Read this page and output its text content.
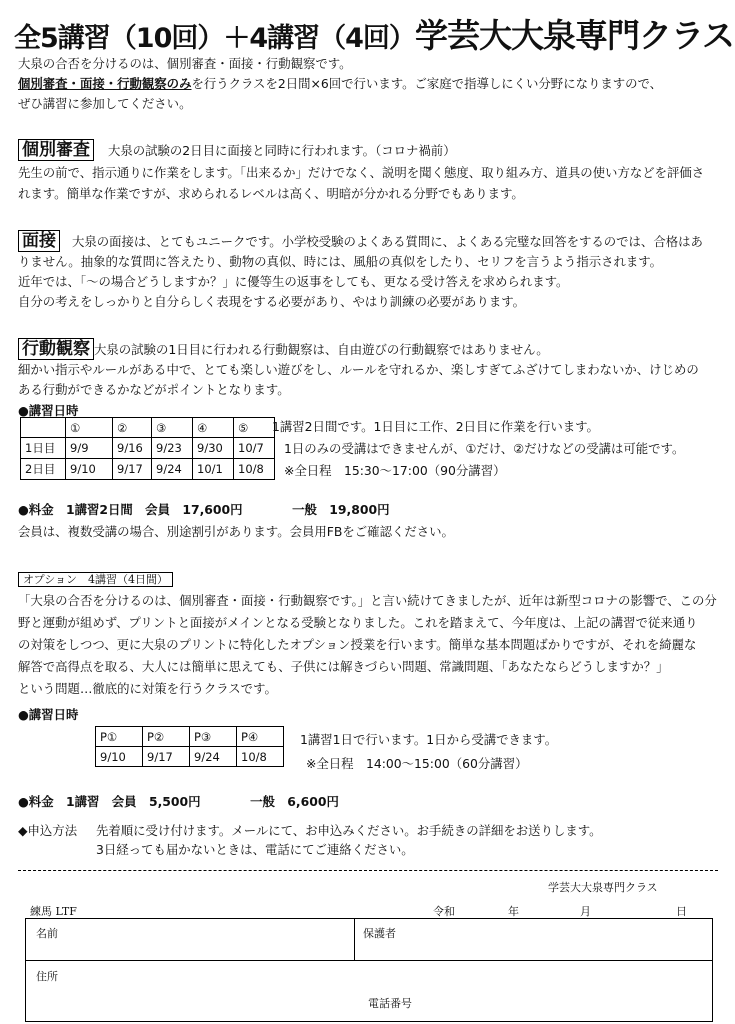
全5講習（10回）＋4講習（4回）学芸大大泉専門クラス
大泉の合否を分けるのは、個別審査・面接・行動観察です。
個別審査・面接・行動観察のみを行うクラスを2日間×6回で行います。ご家庭で指導しにくい分野になりますので、
ぜひ講習に参加してください。
個別審査 大泉の試験の2日目に面接と同時に行われます。（コロナ禍前）
先生の前で、指示通りに作業をします。「出来るか」だけでなく、説明を聞く態度、取り組み方、道具の使い方などを評価さ
れます。簡単な作業ですが、求められるレベルは高く、明暗が分かれる分野でもあります。
面接 大泉の面接は、とてもユニークです。小学校受験のよくある質問に、よくある完璧な回答をするのでは、合格はあ
りません。抽象的な質問に答えたり、動物の真似、時には、風船の真似をしたり、セリフを言うよう指示されます。
近年では、「～の場合どうしますか？」に優等生の返事をしても、更なる受け答えを求められます。
自分の考えをしっかりと自分らしく表現をする必要があり、やはり訓練の必要があります。
行動観察 大泉の試験の1日目に行われる行動観察は、自由遊びの行動観察ではありません。
細かい指示やルールがある中で、とても楽しい遊びをし、ルールを守れるか、楽しすぎてふざけてしまわないか、けじめの
ある行動ができるかなどがポイントとなります。
●講習日時
	①	②	③	④	⑤
1日目	9/9	9/16	9/23	9/30	10/7
2日目	9/10	9/17	9/24	10/1	10/8
1講習2日間です。1日目に工作、2日目に作業を行います。
1日のみの受講はできませんが、①だけ、②だけなどの受講は可能です。
※全日程　15:30～17:00（90分講習）
●料金　1講習2日間　会員　17,600円　　　　一般　19,800円
会員は、複数受講の場合、別途割引があります。会員用FBをご確認ください。
オプション　4講習（4日間）
「大泉の合否を分けるのは、個別審査・面接・行動観察です。」と言い続けてきましたが、近年は新型コロナの影響で、この分
野と運動が組めず、プリントと面接がメインとなる受験となりました。これを踏まえて、今年度は、上記の講習で従来通り
の対策をしつつ、更に大泉のプリントに特化したオプション授業を行います。簡単な基本問題ばかりですが、それを綺麗な
解答で高得点を取る、大人には簡単に思えても、子供には解きづらい問題、常識問題、「あなたならどうしますか？」
という問題…徹底的に対策を行うクラスです。
●講習日時
P①	P②	P③	P④
9/10	9/17	9/24	10/8
1講習1日で行います。1日から受講できます。
※全日程　14:00～15:00（60分講習）
●料金　1講習　会員　5,500円　　　　一般　6,600円
◆申込方法 先着順に受け付けます。メールにて、お申込みください。お手続きの詳細をお送りします。
3日経っても届かないときは、電話にてご連絡ください。
学芸大大泉専門クラス
練馬 LTF	令和	年	月	日
名前	保護者
住所
電話番号
